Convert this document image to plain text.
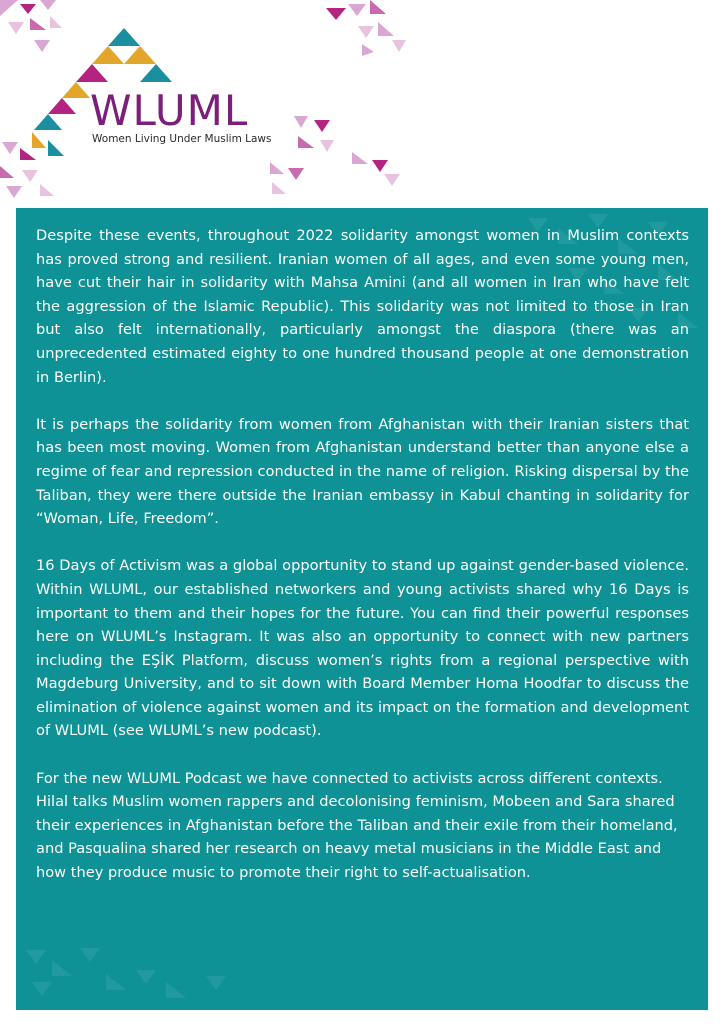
WLUML
Women Living Under Muslim Laws

Despite these events, throughout 2022 solidarity amongst women in Muslim contexts has proved strong and resilient. Iranian women of all ages, and even some young men, have cut their hair in solidarity with Mahsa Amini (and all women in Iran who have felt the aggression of the Islamic Republic). This solidarity was not limited to those in Iran but also felt internationally, particularly amongst the diaspora (there was an unprecedented estimated eighty to one hundred thousand people at one demonstration in Berlin).

It is perhaps the solidarity from women from Afghanistan with their Iranian sisters that has been most moving. Women from Afghanistan understand better than anyone else a regime of fear and repression conducted in the name of religion. Risking dispersal by the Taliban, they were there outside the Iranian embassy in Kabul chanting in solidarity for “Woman, Life, Freedom”.

16 Days of Activism was a global opportunity to stand up against gender-based violence. Within WLUML, our established networkers and young activists shared why 16 Days is important to them and their hopes for the future. You can find their powerful responses here on WLUML’s Instagram. It was also an opportunity to connect with new partners including the EŞİK Platform, discuss women’s rights from a regional perspective with Magdeburg University, and to sit down with Board Member Homa Hoodfar to discuss the elimination of violence against women and its impact on the formation and development of WLUML (see WLUML’s new podcast).

For the new WLUML Podcast we have connected to activists across different contexts. Hilal talks Muslim women rappers and decolonising feminism, Mobeen and Sara shared their experiences in Afghanistan before the Taliban and their exile from their homeland, and Pasqualina shared her research on heavy metal musicians in the Middle East and how they produce music to promote their right to self-actualisation.
